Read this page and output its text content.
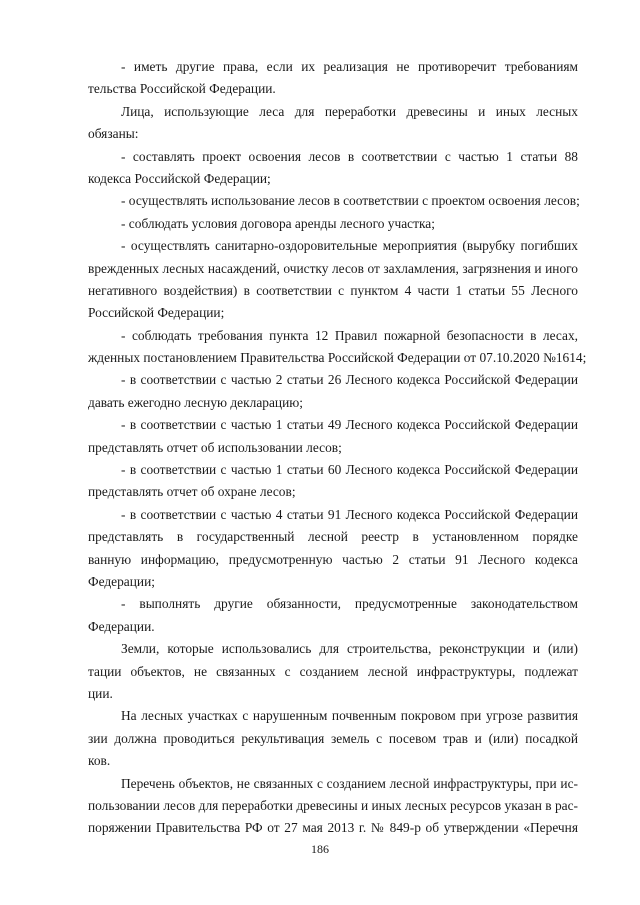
- иметь другие права, если их реализация не противоречит требованиям
тельства Российской Федерации.
Лица, использующие леса для переработки древесины и иных лесных
обязаны:
- составлять проект освоения лесов в соответствии с частью 1 статьи 88
кодекса Российской Федерации;
- осуществлять использование лесов в соответствии с проектом освоения лесов;
- соблюдать условия договора аренды лесного участка;
- осуществлять санитарно-оздоровительные мероприятия (вырубку погибших
врежденных лесных насаждений, очистку лесов от захламления, загрязнения и иного
негативного воздействия) в соответствии с пунктом 4 части 1 статьи 55 Лесного
Российской Федерации;
- соблюдать требования пункта 12 Правил пожарной безопасности в лесах,
жденных постановлением Правительства Российской Федерации от 07.10.2020 №1614;
- в соответствии с частью 2 статьи 26 Лесного кодекса Российской Федерации
давать ежегодно лесную декларацию;
- в соответствии с частью 1 статьи 49 Лесного кодекса Российской Федерации
представлять отчет об использовании лесов;
- в соответствии с частью 1 статьи 60 Лесного кодекса Российской Федерации
представлять отчет об охране лесов;
- в соответствии с частью 4 статьи 91 Лесного кодекса Российской Федерации
представлять в государственный лесной реестр в установленном порядке
ванную информацию, предусмотренную частью 2 статьи 91 Лесного кодекса
Федерации;
- выполнять другие обязанности, предусмотренные законодательством
Федерации.
Земли, которые использовались для строительства, реконструкции и (или)
тации объектов, не связанных с созданием лесной инфраструктуры, подлежат
ции.
На лесных участках с нарушенным почвенным покровом при угрозе развития
зии должна проводиться рекультивация земель с посевом трав и (или) посадкой
ков.
Перечень объектов, не связанных с созданием лесной инфраструктуры, при ис-
пользовании лесов для переработки древесины и иных лесных ресурсов указан в рас-
поряжении Правительства РФ от 27 мая 2013 г. № 849-р об утверждении «Перечня
186
